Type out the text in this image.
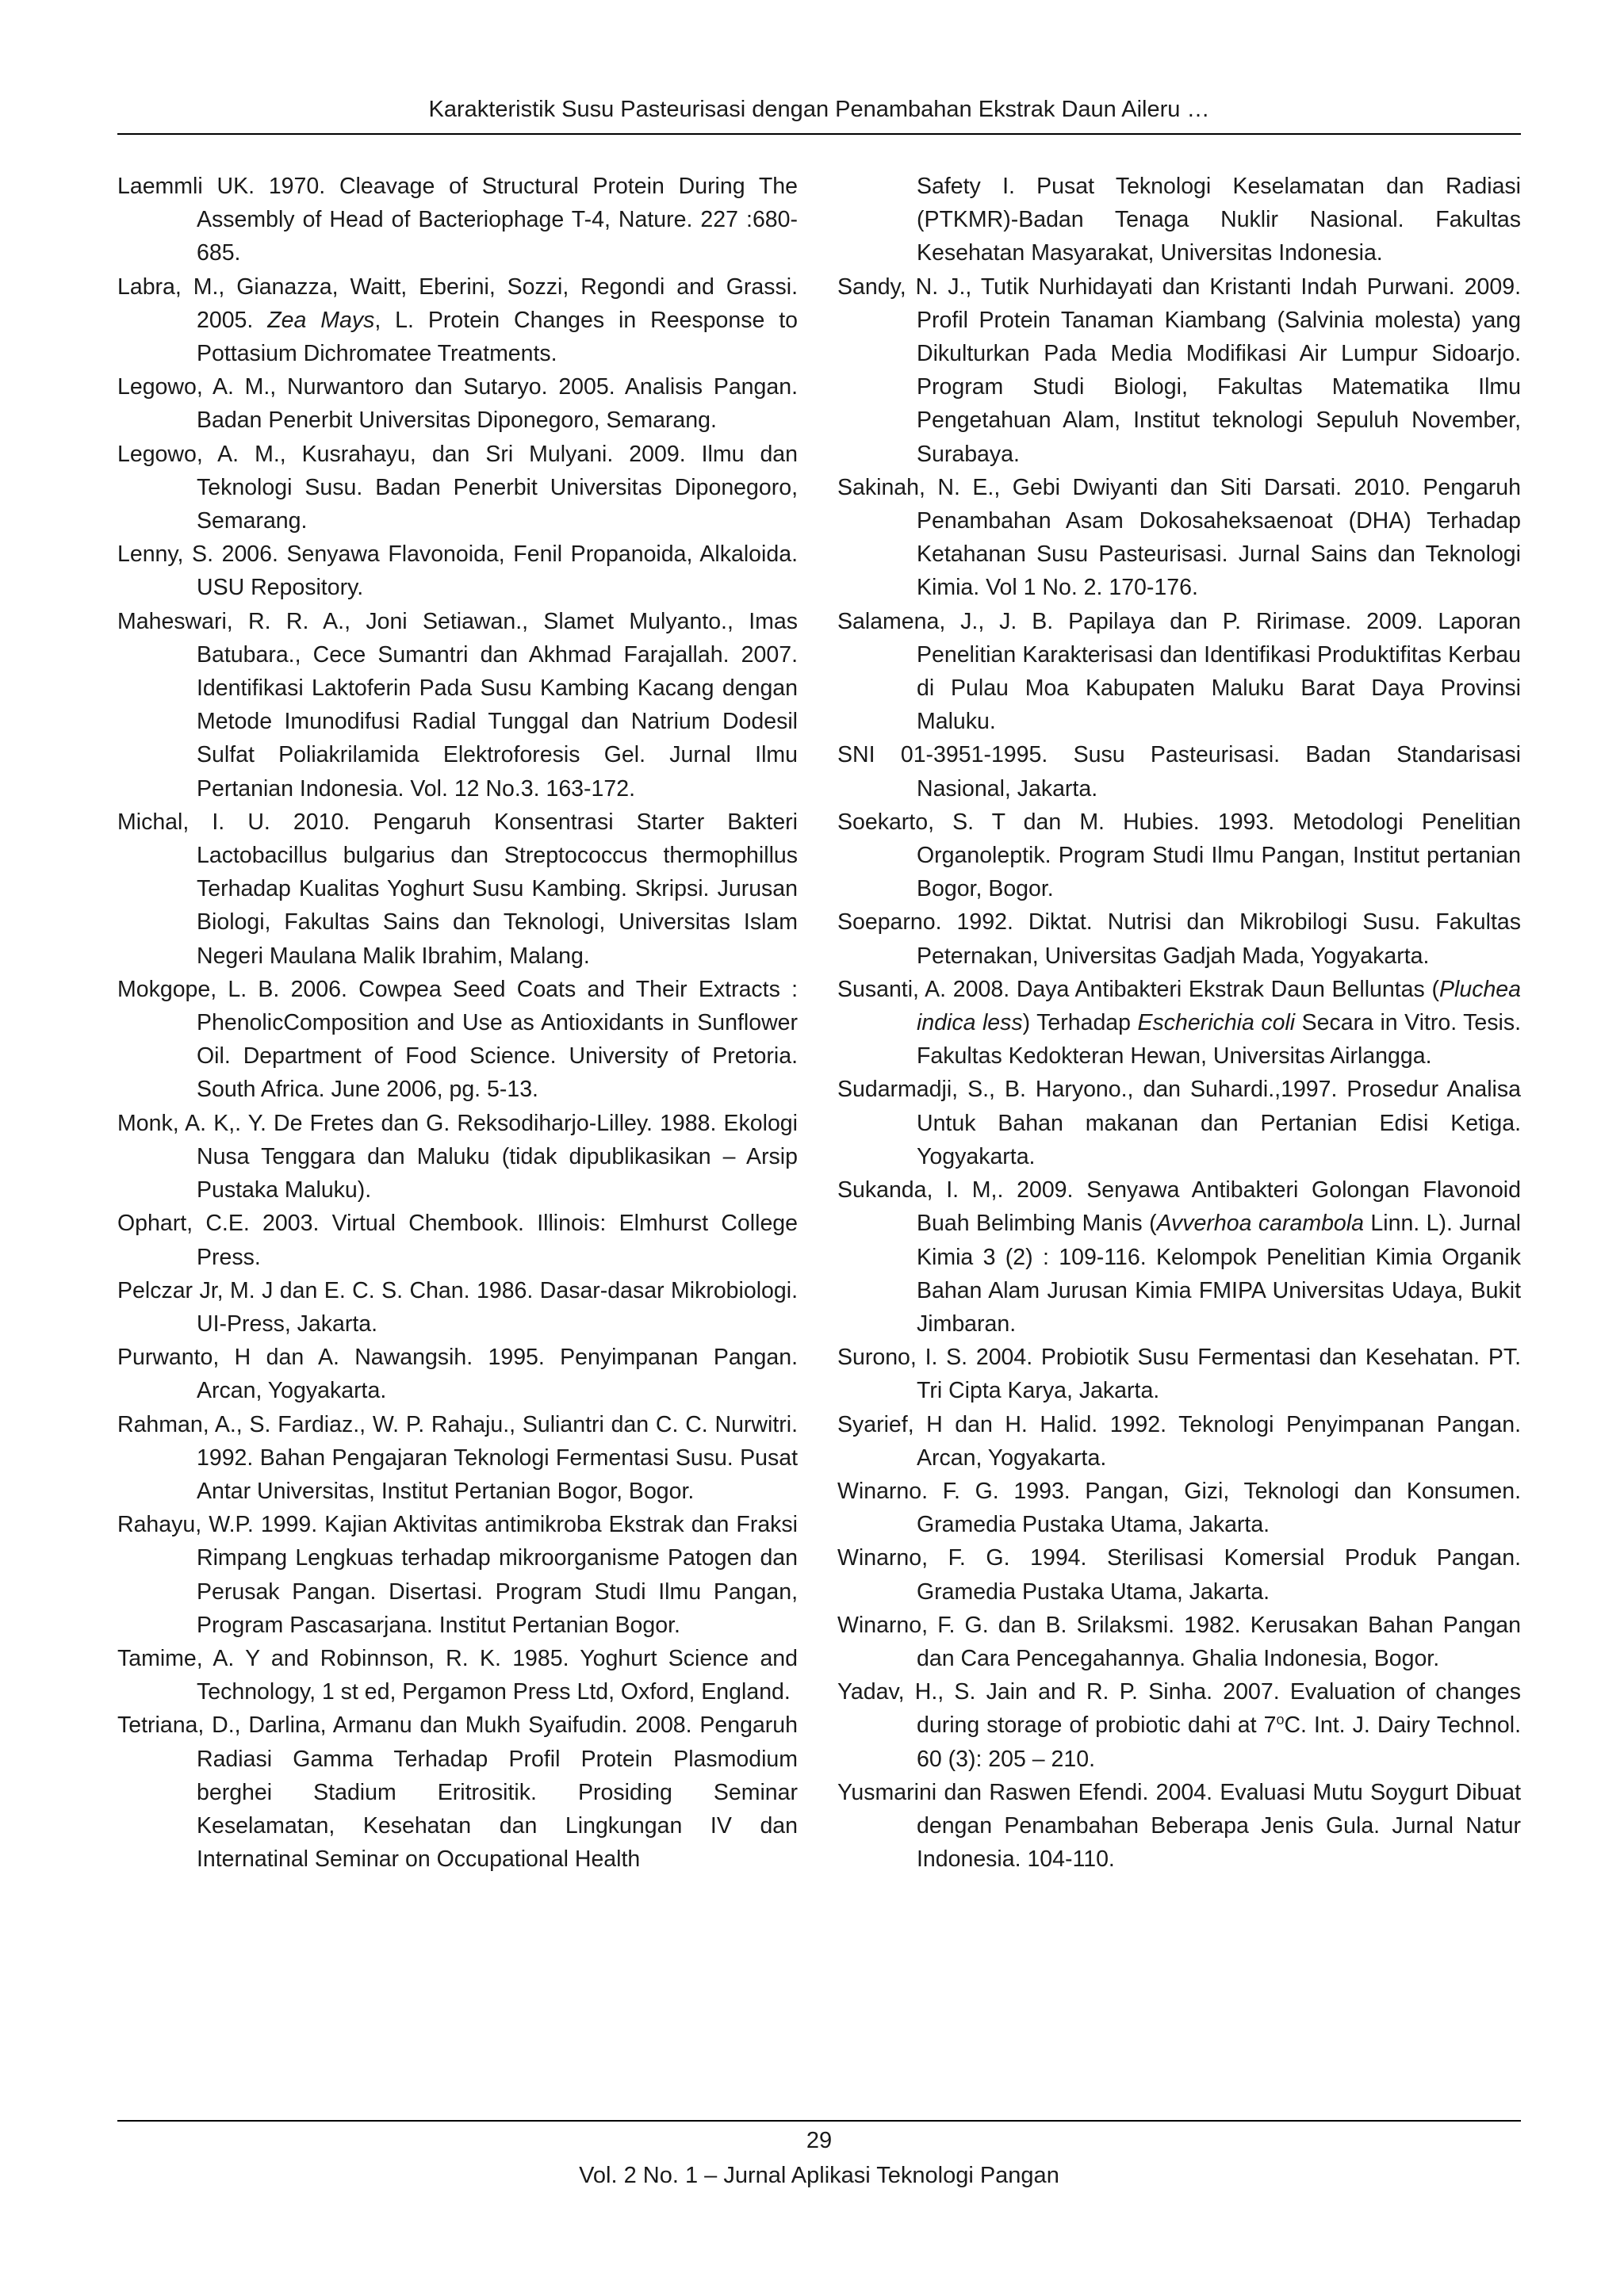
Karakteristik Susu Pasteurisasi dengan Penambahan Ekstrak Daun Aileru …

Laemmli UK. 1970. Cleavage of Structural Protein During The Assembly of Head of Bacteriophage T-4, Nature. 227 :680-685.

Labra, M., Gianazza, Waitt, Eberini, Sozzi, Regondi and Grassi. 2005. Zea Mays, L. Protein Changes in Reesponse to Pottasium Dichromatee Treatments.

Legowo, A. M., Nurwantoro dan Sutaryo. 2005. Analisis Pangan. Badan Penerbit Universitas Diponegoro, Semarang.

Legowo, A. M., Kusrahayu, dan Sri Mulyani. 2009. Ilmu dan Teknologi Susu. Badan Penerbit Universitas Diponegoro, Semarang.

Lenny, S. 2006. Senyawa Flavonoida, Fenil Propanoida, Alkaloida. USU Repository.

Maheswari, R. R. A., Joni Setiawan., Slamet Mulyanto., Imas Batubara., Cece Sumantri dan Akhmad Farajallah. 2007. Identifikasi Laktoferin Pada Susu Kambing Kacang dengan Metode Imunodifusi Radial Tunggal dan Natrium Dodesil Sulfat Poliakrilamida Elektroforesis Gel. Jurnal Ilmu Pertanian Indonesia. Vol. 12 No.3. 163-172.

Michal, I. U. 2010. Pengaruh Konsentrasi Starter Bakteri Lactobacillus bulgarius dan Streptococcus thermophillus Terhadap Kualitas Yoghurt Susu Kambing. Skripsi. Jurusan Biologi, Fakultas Sains dan Teknologi, Universitas Islam Negeri Maulana Malik Ibrahim, Malang.

Mokgope, L. B. 2006. Cowpea Seed Coats and Their Extracts : PhenolicComposition and Use as Antioxidants in Sunflower Oil. Department of Food Science. University of Pretoria. South Africa. June 2006, pg. 5-13.

Monk, A. K,. Y. De Fretes dan G. Reksodiharjo-Lilley. 1988. Ekologi Nusa Tenggara dan Maluku (tidak dipublikasikan – Arsip Pustaka Maluku).

Ophart, C.E. 2003. Virtual Chembook. Illinois: Elmhurst College Press.

Pelczar Jr, M. J dan E. C. S. Chan. 1986. Dasar-dasar Mikrobiologi. UI-Press, Jakarta.

Purwanto, H dan A. Nawangsih. 1995. Penyimpanan Pangan. Arcan, Yogyakarta.

Rahman, A., S. Fardiaz., W. P. Rahaju., Suliantri dan C. C. Nurwitri. 1992. Bahan Pengajaran Teknologi Fermentasi Susu. Pusat Antar Universitas, Institut Pertanian Bogor, Bogor.

Rahayu, W.P. 1999. Kajian Aktivitas antimikroba Ekstrak dan Fraksi Rimpang Lengkuas terhadap mikroorganisme Patogen dan Perusak Pangan. Disertasi. Program Studi Ilmu Pangan, Program Pascasarjana. Institut Pertanian Bogor.

Tamime, A. Y and Robinnson, R. K. 1985. Yoghurt Science and Technology, 1 st ed, Pergamon Press Ltd, Oxford, England.

Tetriana, D., Darlina, Armanu dan Mukh Syaifudin. 2008. Pengaruh Radiasi Gamma Terhadap Profil Protein Plasmodium berghei Stadium Eritrositik. Prosiding Seminar Keselamatan, Kesehatan dan Lingkungan IV dan Internatinal Seminar on Occupational Health

Safety I. Pusat Teknologi Keselamatan dan Radiasi (PTKMR)-Badan Tenaga Nuklir Nasional. Fakultas Kesehatan Masyarakat, Universitas Indonesia.

Sandy, N. J., Tutik Nurhidayati dan Kristanti Indah Purwani. 2009. Profil Protein Tanaman Kiambang (Salvinia molesta) yang Dikulturkan Pada Media Modifikasi Air Lumpur Sidoarjo. Program Studi Biologi, Fakultas Matematika Ilmu Pengetahuan Alam, Institut teknologi Sepuluh November, Surabaya.

Sakinah, N. E., Gebi Dwiyanti dan Siti Darsati. 2010. Pengaruh Penambahan Asam Dokosaheksaenoat (DHA) Terhadap Ketahanan Susu Pasteurisasi. Jurnal Sains dan Teknologi Kimia. Vol 1 No. 2. 170-176.

Salamena, J., J. B. Papilaya dan P. Ririmase. 2009. Laporan Penelitian Karakterisasi dan Identifikasi Produktifitas Kerbau di Pulau Moa Kabupaten Maluku Barat Daya Provinsi Maluku.

SNI 01-3951-1995. Susu Pasteurisasi. Badan Standarisasi Nasional, Jakarta.

Soekarto, S. T dan M. Hubies. 1993. Metodologi Penelitian Organoleptik. Program Studi Ilmu Pangan, Institut pertanian Bogor, Bogor.

Soeparno. 1992. Diktat. Nutrisi dan Mikrobilogi Susu. Fakultas Peternakan, Universitas Gadjah Mada, Yogyakarta.

Susanti, A. 2008. Daya Antibakteri Ekstrak Daun Belluntas (Pluchea indica less) Terhadap Escherichia coli Secara in Vitro. Tesis. Fakultas Kedokteran Hewan, Universitas Airlangga.

Sudarmadji, S., B. Haryono., dan Suhardi.,1997. Prosedur Analisa Untuk Bahan makanan dan Pertanian Edisi Ketiga. Yogyakarta.

Sukanda, I. M,. 2009. Senyawa Antibakteri Golongan Flavonoid Buah Belimbing Manis (Avverhoa carambola Linn. L). Jurnal Kimia 3 (2) : 109-116. Kelompok Penelitian Kimia Organik Bahan Alam Jurusan Kimia FMIPA Universitas Udaya, Bukit Jimbaran.

Surono, I. S. 2004. Probiotik Susu Fermentasi dan Kesehatan. PT. Tri Cipta Karya, Jakarta.

Syarief, H dan H. Halid. 1992. Teknologi Penyimpanan Pangan. Arcan, Yogyakarta.

Winarno. F. G. 1993. Pangan, Gizi, Teknologi dan Konsumen. Gramedia Pustaka Utama, Jakarta.

Winarno, F. G. 1994. Sterilisasi Komersial Produk Pangan. Gramedia Pustaka Utama, Jakarta.

Winarno, F. G. dan B. Srilaksmi. 1982. Kerusakan Bahan Pangan dan Cara Pencegahannya. Ghalia Indonesia, Bogor.

Yadav, H., S. Jain and R. P. Sinha. 2007. Evaluation of changes during storage of probiotic dahi at 7$^o$C. Int. J. Dairy Technol. 60 (3): 205 – 210.

Yusmarini dan Raswen Efendi. 2004. Evaluasi Mutu Soygurt Dibuat dengan Penambahan Beberapa Jenis Gula. Jurnal Natur Indonesia. 104-110.

29
Vol. 2 No. 1 – Jurnal Aplikasi Teknologi Pangan
